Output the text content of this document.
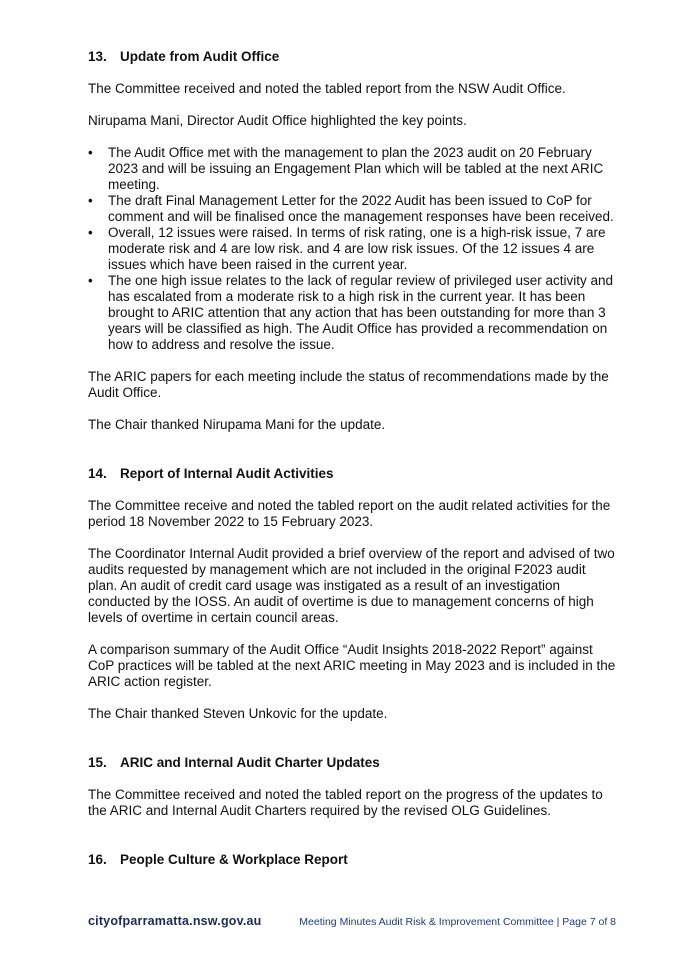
13. Update from Audit Office

The Committee received and noted the tabled report from the NSW Audit Office.

Nirupama Mani, Director Audit Office highlighted the key points.

• The Audit Office met with the management to plan the 2023 audit on 20 February 2023 and will be issuing an Engagement Plan which will be tabled at the next ARIC meeting.
• The draft Final Management Letter for the 2022 Audit has been issued to CoP for comment and will be finalised once the management responses have been received.
• Overall, 12 issues were raised. In terms of risk rating, one is a high-risk issue, 7 are moderate risk and 4 are low risk. and 4 are low risk issues. Of the 12 issues 4 are issues which have been raised in the current year.
• The one high issue relates to the lack of regular review of privileged user activity and has escalated from a moderate risk to a high risk in the current year. It has been brought to ARIC attention that any action that has been outstanding for more than 3 years will be classified as high. The Audit Office has provided a recommendation on how to address and resolve the issue.

The ARIC papers for each meeting include the status of recommendations made by the Audit Office.

The Chair thanked Nirupama Mani for the update.

14. Report of Internal Audit Activities

The Committee receive and noted the tabled report on the audit related activities for the period 18 November 2022 to 15 February 2023.

The Coordinator Internal Audit provided a brief overview of the report and advised of two audits requested by management which are not included in the original F2023 audit plan. An audit of credit card usage was instigated as a result of an investigation conducted by the IOSS. An audit of overtime is due to management concerns of high levels of overtime in certain council areas.

A comparison summary of the Audit Office “Audit Insights 2018-2022 Report” against CoP practices will be tabled at the next ARIC meeting in May 2023 and is included in the ARIC action register.

The Chair thanked Steven Unkovic for the update.

15. ARIC and Internal Audit Charter Updates

The Committee received and noted the tabled report on the progress of the updates to the ARIC and Internal Audit Charters required by the revised OLG Guidelines.

16. People Culture & Workplace Report
cityofparramatta.nsw.gov.au	Meeting Minutes Audit Risk & Improvement Committee | Page 7 of 8
